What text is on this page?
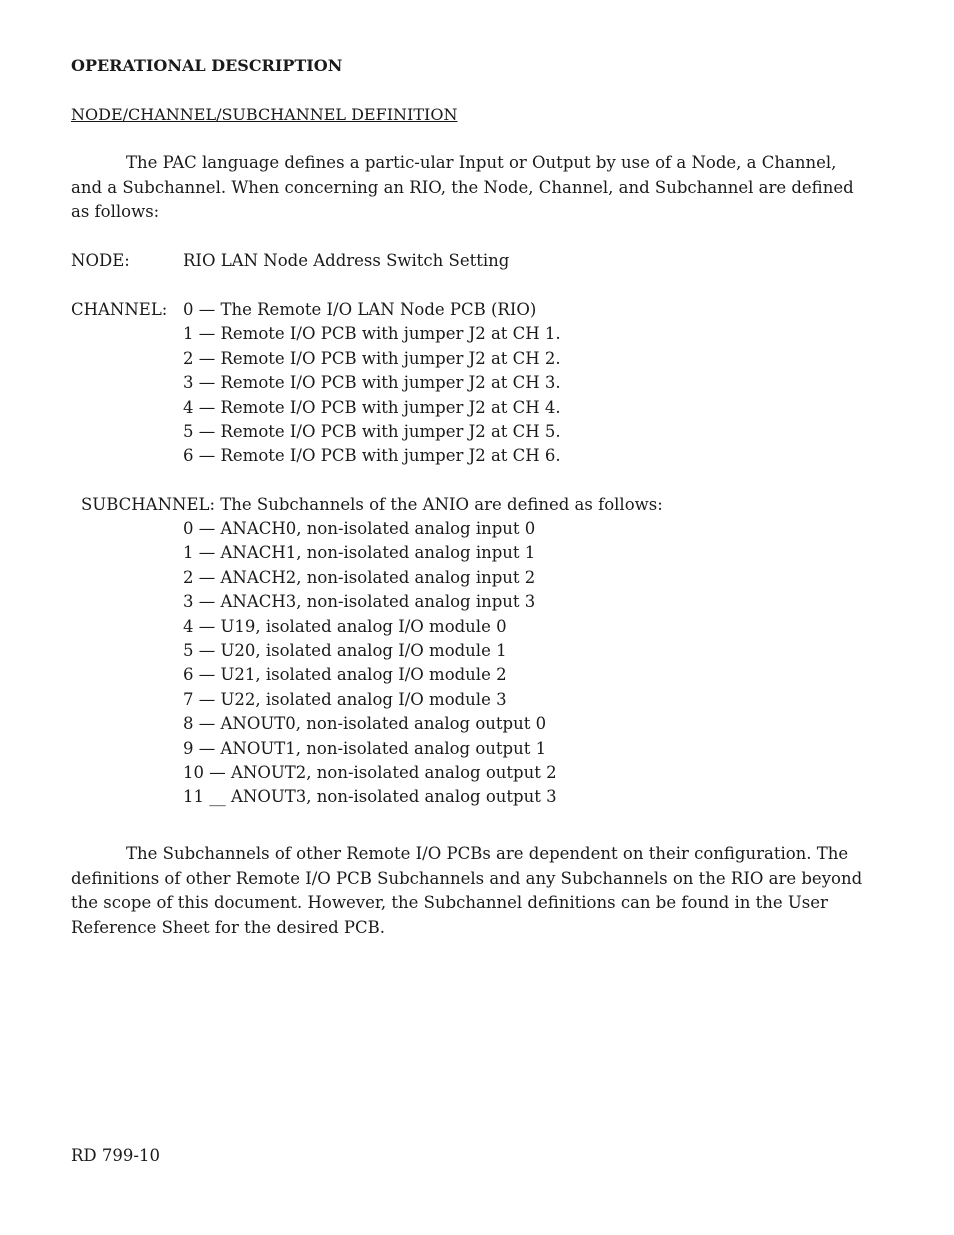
OPERATIONAL DESCRIPTION
NODE/CHANNEL/SUBCHANNEL DEFINITION
The PAC language defines a partic-ular Input or Output by use of a Node, a Channel, and a Subchannel. When concerning an RIO, the Node, Channel, and Subchannel are defined as follows:
NODE:	RIO LAN Node Address Switch Setting
CHANNEL: 0 — The Remote I/O LAN Node PCB (RIO)
1 — Remote I/O PCB with jumper J2 at CH 1.
2 — Remote I/O PCB with jumper J2 at CH 2.
3 — Remote I/O PCB with jumper J2 at CH 3.
4 — Remote I/O PCB with jumper J2 at CH 4.
5 — Remote I/O PCB with jumper J2 at CH 5.
6 — Remote I/O PCB with jumper J2 at CH 6.
SUBCHANNEL: The Subchannels of the ANIO are defined as follows:
0 — ANACH0, non-isolated analog input 0
1 — ANACH1, non-isolated analog input 1
2 — ANACH2, non-isolated analog input 2
3 — ANACH3, non-isolated analog input 3
4 — U19, isolated analog I/O module 0
5 — U20, isolated analog I/O module 1
6 — U21, isolated analog I/O module 2
7 — U22, isolated analog I/O module 3
8 — ANOUT0, non-isolated analog output 0
9 — ANOUT1, non-isolated analog output 1
10 — ANOUT2, non-isolated analog output 2
11 __ ANOUT3, non-isolated analog output 3
The Subchannels of other Remote I/O PCBs are dependent on their configuration. The definitions of other Remote I/O PCB Subchannels and any Subchannels on the RIO are beyond the scope of this document. However, the Subchannel definitions can be found in the User Reference Sheet for the desired PCB.
RD 799-10
